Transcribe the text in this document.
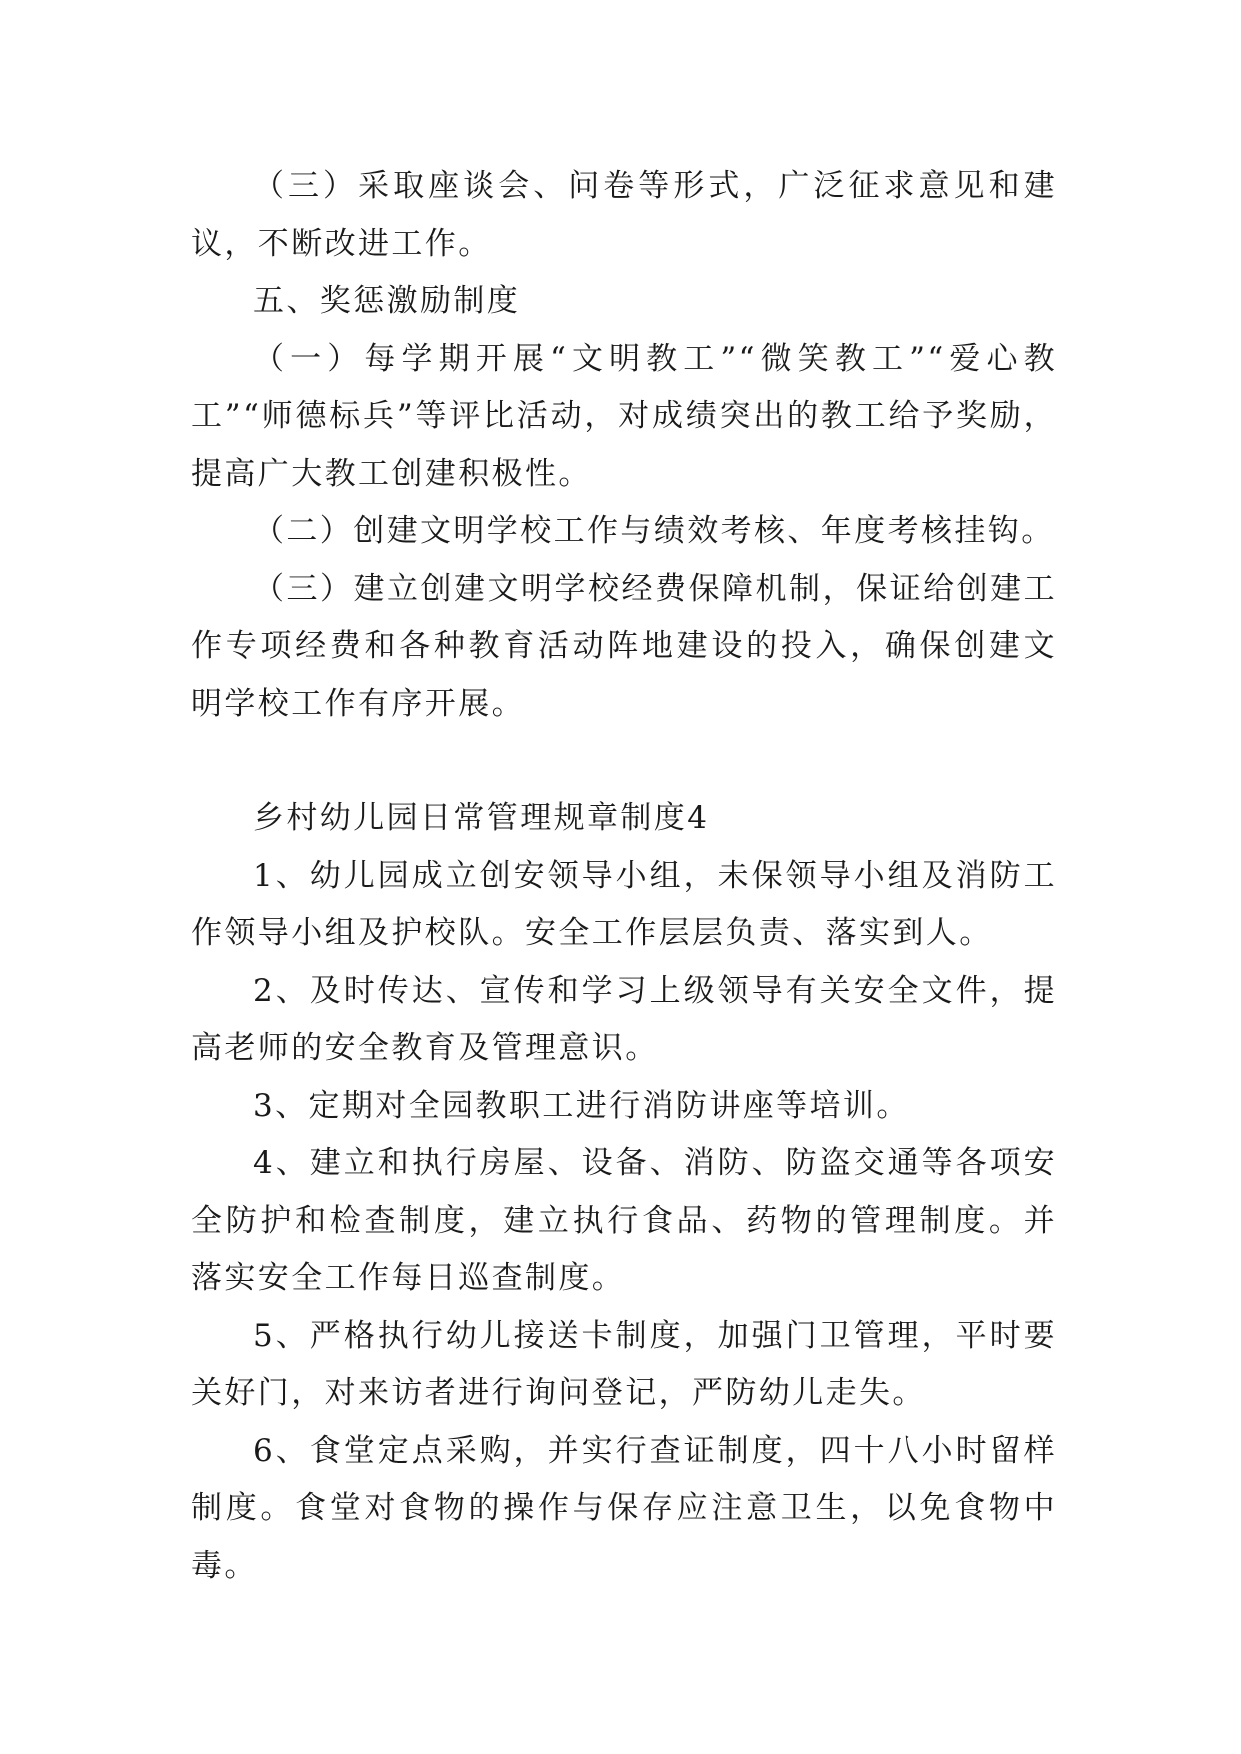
（三）采取座谈会、问卷等形式，广泛征求意见和建议，不断改进工作。

五、奖惩激励制度

（一）每学期开展“文明教工”“微笑教工”“爱心教工”“师德标兵”等评比活动，对成绩突出的教工给予奖励，提高广大教工创建积极性。

（二）创建文明学校工作与绩效考核、年度考核挂钩。

（三）建立创建文明学校经费保障机制，保证给创建工作专项经费和各种教育活动阵地建设的投入，确保创建文明学校工作有序开展。

乡村幼儿园日常管理规章制度4

1、幼儿园成立创安领导小组，未保领导小组及消防工作领导小组及护校队。安全工作层层负责、落实到人。

2、及时传达、宣传和学习上级领导有关安全文件，提高老师的安全教育及管理意识。

3、定期对全园教职工进行消防讲座等培训。

4、建立和执行房屋、设备、消防、防盗交通等各项安全防护和检查制度，建立执行食品、药物的管理制度。并落实安全工作每日巡查制度。

5、严格执行幼儿接送卡制度，加强门卫管理，平时要关好门，对来访者进行询问登记，严防幼儿走失。

6、食堂定点采购，并实行查证制度，四十八小时留样制度。食堂对食物的操作与保存应注意卫生，以免食物中毒。
